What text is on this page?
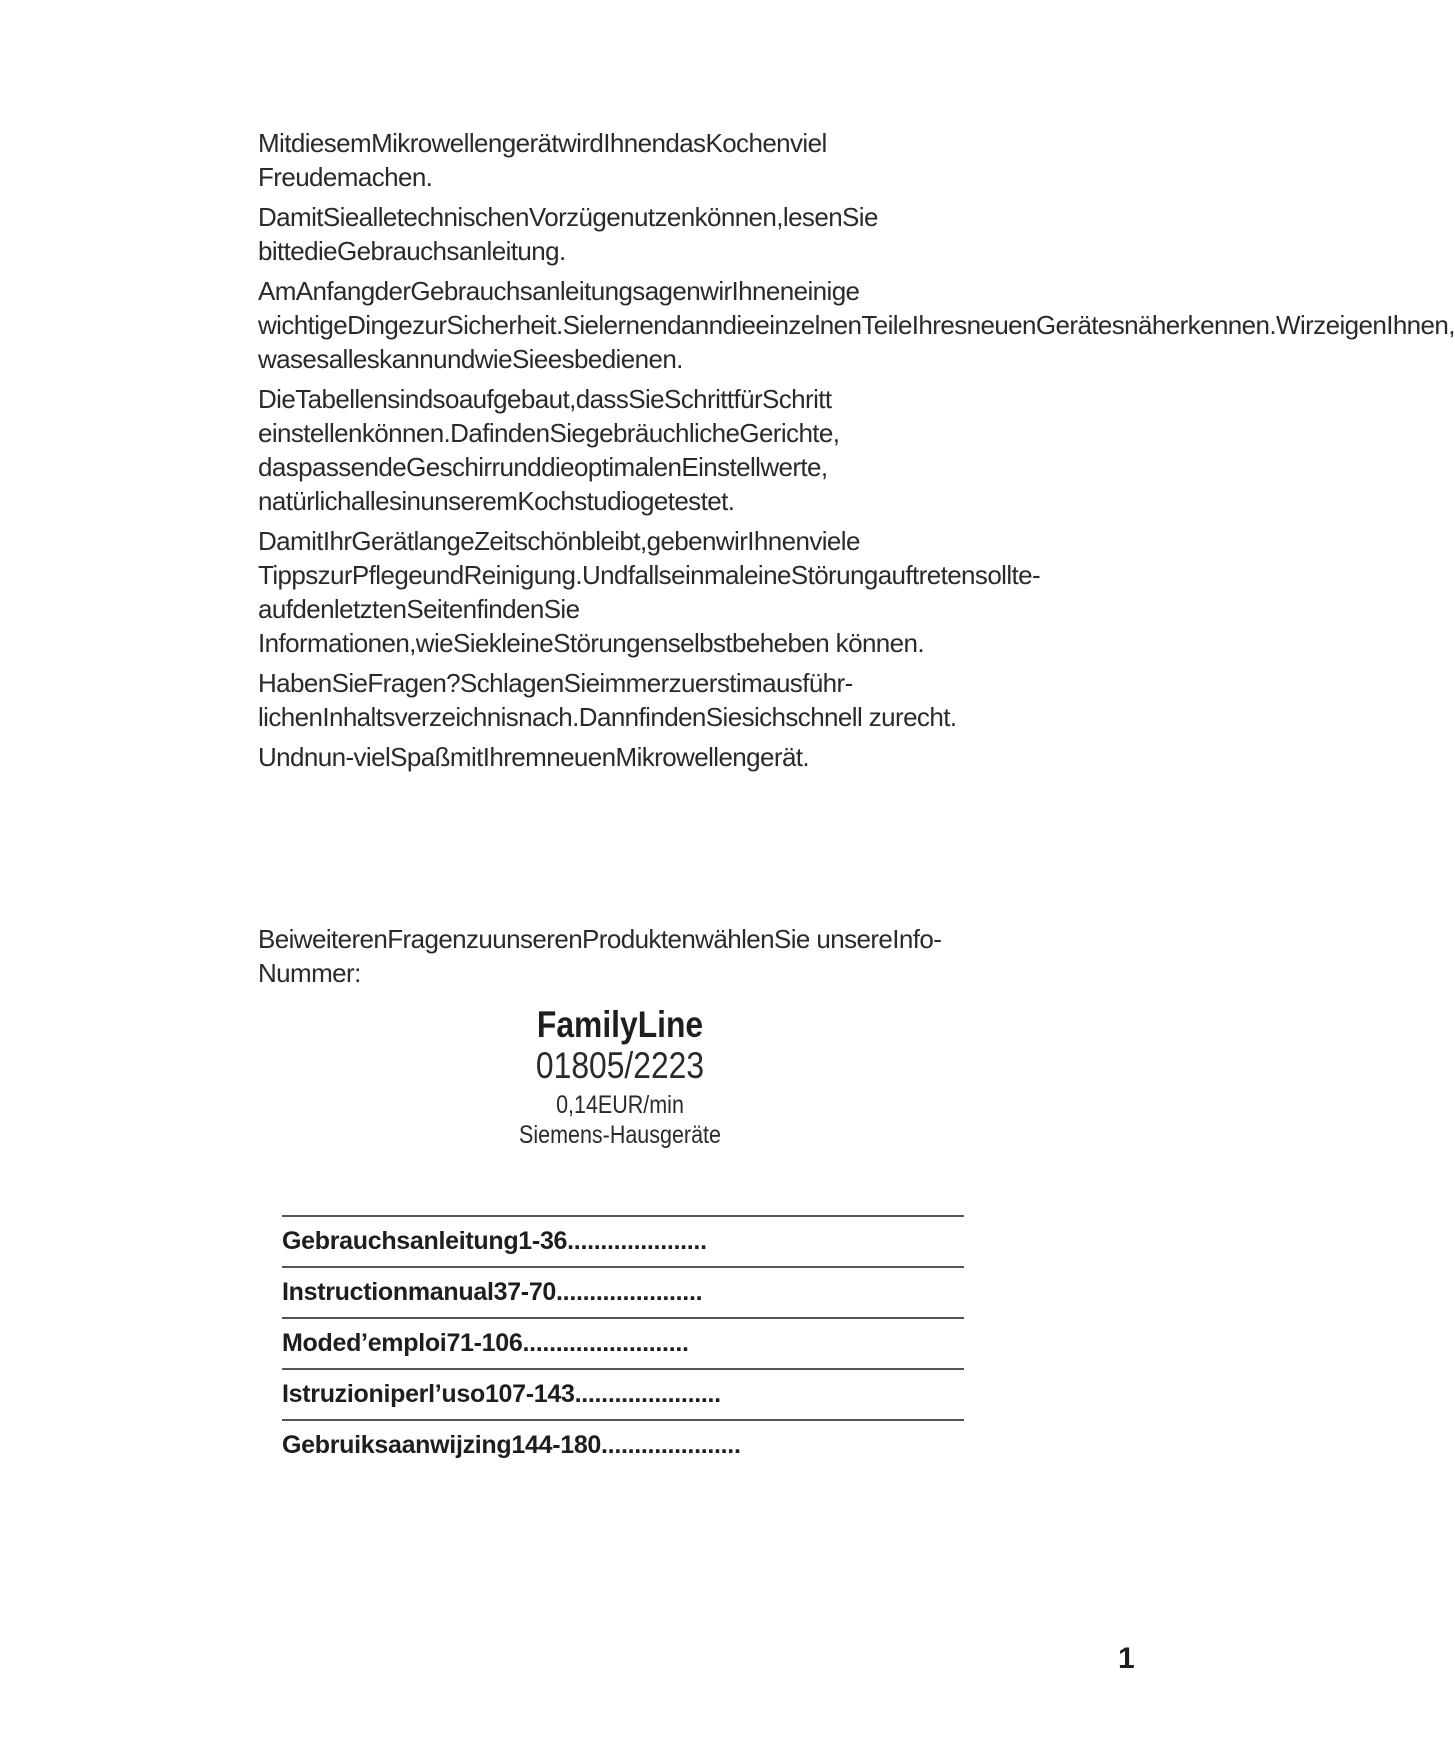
MitdiesemMikrowellengerätwirdIhnendasKochenviel Freudemachen.

DamitSiealletechnischenVorzügenutzenkönnen,lesenSie bittedieGebrauchsanleitung.

AmAnfangderGebrauchsanleitungsagenwirIhneneinige wichtigeDingezurSicherheit.SielernendanndieeinzelnenTeileIhresneuenGerätesnäherkennen.WirzeigenIhnen, wasesalleskannundwieSieesbedienen.

DieTabellensindsoaufgebaut,dassSieSchrittfürSchritt einstellenkönnen.DafindenSiegebräuchlicheGerichte, daspassendeGeschirrunddieoptimalenEinstellwerte, natürlichallesinunseremKochstudiogetestet.

DamitIhrGerätlangeZeitschönbleibt,gebenwirIhnenviele TippszurPflegeundReinigung.UndfallseinmaleineStörungauftretensollte-aufdenletztenSeitenfindenSie Informationen,wieSiekleineStörungenselbstbeheben können.

HabenSieFragen?SchlagenSieimmerzuerstimausführ- lichenInhaltsverzeichnisnach.DannfindenSiesichschnell zurecht.

Undnun-vielSpaßmitIhremneuenMikrowellengerät.

BeiweiterenFragenzuunserenProduktenwählenSie unsereInfo-Nummer:

FamilyLine
01805/2223
0,14EUR/min
Siemens-Hausgeräte
Gebrauchsanleitung1-36.....................
Instructionmanual37-70......................
Moded’emploi71-106.........................
Istruzioniperl’uso107-143......................
Gebruiksaanwijzing144-180.....................
1
